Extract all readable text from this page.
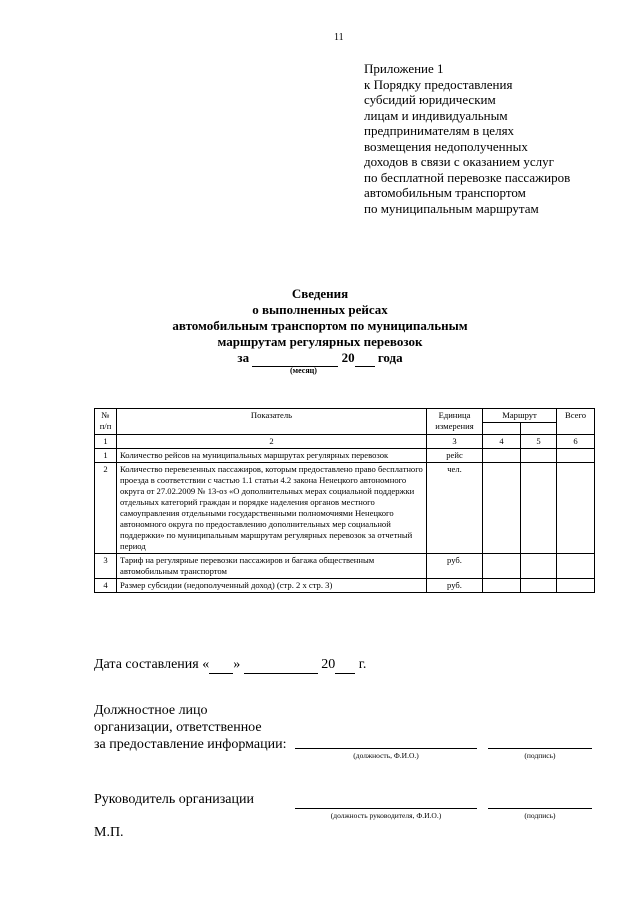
11
Приложение 1
к Порядку предоставления
субсидий юридическим
лицам и индивидуальным
предпринимателям в целях
возмещения недополученных
доходов в связи с оказанием услуг
по бесплатной перевозке пассажиров
автомобильным транспортом
по муниципальным маршрутам
Сведения
о выполненных рейсах
автомобильным транспортом по муниципальным
маршрутам регулярных перевозок
за	20 года
(месяц)
№ п/п	Показатель	Единица измерения	Маршрут		Всего

1	2	3	4	5	6
1	Количество рейсов на муниципальных маршрутах регулярных перевозок	рейс			
2	Количество перевезенных пассажиров, которым предоставлено право бесплатного проезда в соответствии с частью 1.1 статьи 4.2 закона Ненецкого автономного округа от 27.02.2009 № 13-оз «О дополнительных мерах социальной поддержки отдельных категорий граждан и порядке наделения органов местного самоуправления отдельными государственными полномочиями Ненецкого автономного округа по предоставлению дополнительных мер социальной поддержки» по муниципальным маршрутам регулярных перевозок за отчетный период	чел.			
3	Тариф на регулярные перевозки пассажиров и багажа общественным автомобильным транспортом	руб.			
4	Размер субсидии (недополученный доход) (стр. 2 х стр. 3)	руб.			
Дата составления « »	20 г.
Должностное лицо
организации, ответственное
за предоставление информации:
(должность, Ф.И.О.)	(подпись)
Руководитель организации
(должность руководителя, Ф.И.О.)	(подпись)
М.П.
